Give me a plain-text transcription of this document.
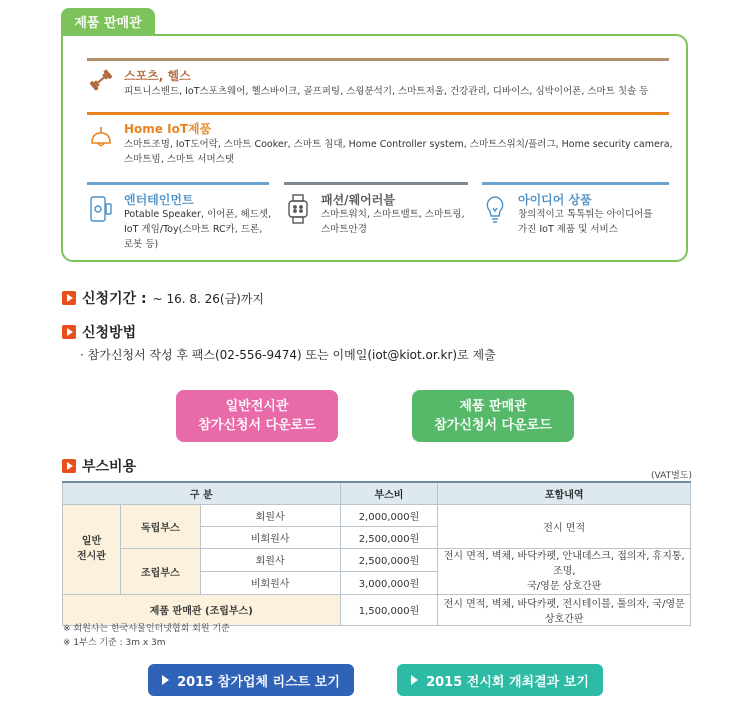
제품 판매관
스포츠, 헬스
피트니스밴드, IoT스포츠웨어, 헬스바이크, 골프퍼팅, 스윙분석기, 스마트저울, 건강관리, 디바이스, 심박이어폰, 스마트 칫솔 등
Home IoT제품
스마트조명, IoT도어락, 스마트 Cooker, 스마트 침대, Home Controller system, 스마트스위치/플러그, Home security camera,
스마트빔, 스마트 서머스탯
엔터테인먼트
Potable Speaker, 이어폰, 헤드셋,
IoT 게임/Toy(스마트 RC카, 드론,
로봇 등)
패션/웨어러블
스마트워치, 스마트밸트, 스마트링,
스마트안경
아이디어 상품
창의적이고 톡톡튀는 아이디어를
가진 IoT 제품 및 서비스
신청기간 : ~ 16. 8. 26(금)까지
신청방법
· 참가신청서 작성 후 팩스(02-556-9474) 또는 이메일(iot@kiot.or.kr)로 제출
일반전시관
참가신청서 다운로드
제품 판매관
참가신청서 다운로드
부스비용
(VAT별도)
구 분			부스비	포함내역
일반
전시관	독립부스	회원사	2,000,000원	전시 면적
		비회원사	2,500,000원	
	조립부스	회원사	2,500,000원	전시 면적, 벽체, 바닥카펫, 안내데스크, 접의자, 휴지통, 조명,
국/영문 상호간판
		비회원사	3,000,000원	
제품 판매관 (조립부스)			1,500,000원	전시 면적, 벽체, 바닥카펫, 전시테이블, 툴의자, 국/영문 상호간판
※ 회원사는 한국사물인터넷협회 회원 기준
※ 1부스 기준 : 3m x 3m
2015 참가업체 리스트 보기	2015 전시회 개최결과 보기
